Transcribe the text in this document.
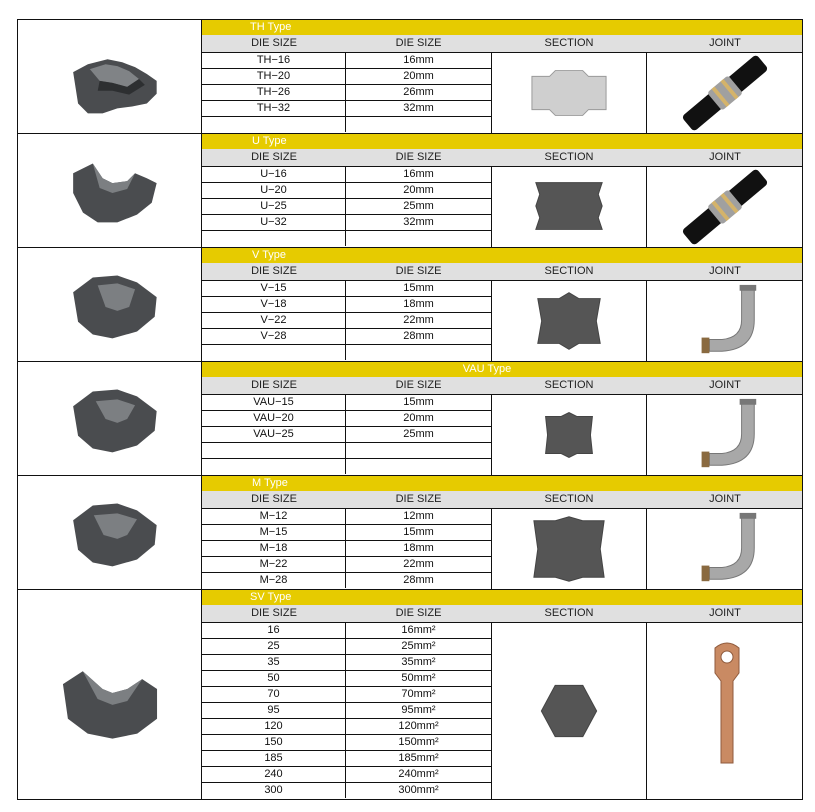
TH Type
DIE SIZE	DIE SIZE	SECTION	JOINT
TH−16	16mm
TH−20	20mm
TH−26	26mm
TH−32	32mm
U Type
DIE SIZE	DIE SIZE	SECTION	JOINT
U−16	16mm
U−20	20mm
U−25	25mm
U−32	32mm
V Type
DIE SIZE	DIE SIZE	SECTION	JOINT
V−15	15mm
V−18	18mm
V−22	22mm
V−28	28mm
VAU Type
DIE SIZE	DIE SIZE	SECTION	JOINT
VAU−15	15mm
VAU−20	20mm
VAU−25	25mm
M Type
DIE SIZE	DIE SIZE	SECTION	JOINT
M−12	12mm
M−15	15mm
M−18	18mm
M−22	22mm
M−28	28mm
SV Type
DIE SIZE	DIE SIZE	SECTION	JOINT
16	16mm²
25	25mm²
35	35mm²
50	50mm²
70	70mm²
95	95mm²
120	120mm²
150	150mm²
185	185mm²
240	240mm²
300	300mm²
